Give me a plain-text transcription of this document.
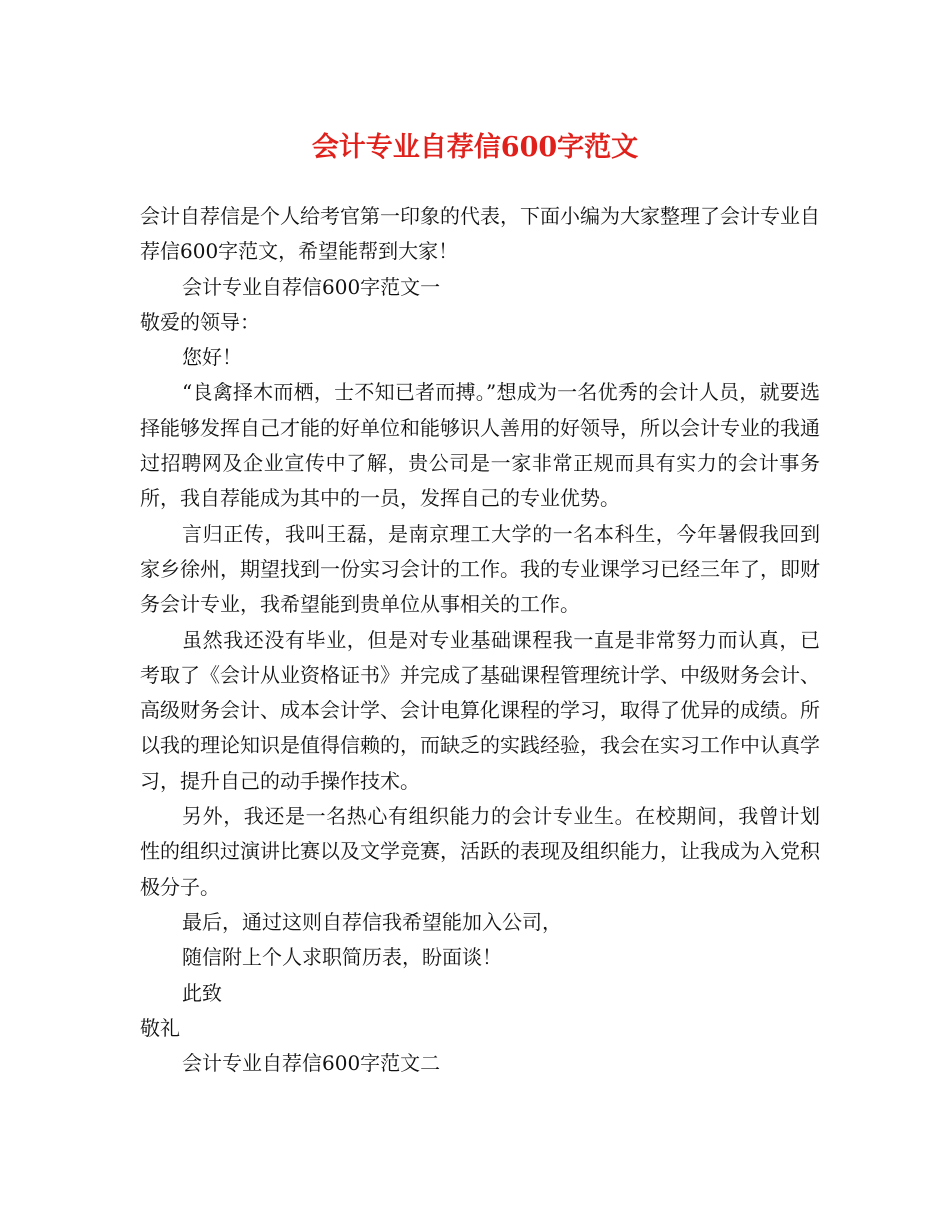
会计专业自荐信600字范文

会计自荐信是个人给考官第一印象的代表，下面小编为大家整理了会计专业自荐信600字范文，希望能帮到大家！

会计专业自荐信600字范文一

敬爱的领导：

您好！

“良禽择木而栖，士不知已者而搏。”想成为一名优秀的会计人员，就要选择能够发挥自己才能的好单位和能够识人善用的好领导，所以会计专业的我通过招聘网及企业宣传中了解，贵公司是一家非常正规而具有实力的会计事务所，我自荐能成为其中的一员，发挥自己的专业优势。

言归正传，我叫王磊，是南京理工大学的一名本科生，今年暑假我回到家乡徐州，期望找到一份实习会计的工作。我的专业课学习已经三年了，即财务会计专业，我希望能到贵单位从事相关的工作。

虽然我还没有毕业，但是对专业基础课程我一直是非常努力而认真，已考取了《会计从业资格证书》并完成了基础课程管理统计学、中级财务会计、高级财务会计、成本会计学、会计电算化课程的学习，取得了优异的成绩。所以我的理论知识是值得信赖的，而缺乏的实践经验，我会在实习工作中认真学习，提升自己的动手操作技术。

另外，我还是一名热心有组织能力的会计专业生。在校期间，我曾计划性的组织过演讲比赛以及文学竞赛，活跃的表现及组织能力，让我成为入党积极分子。

最后，通过这则自荐信我希望能加入公司，

随信附上个人求职简历表，盼面谈！

此致

敬礼

会计专业自荐信600字范文二
